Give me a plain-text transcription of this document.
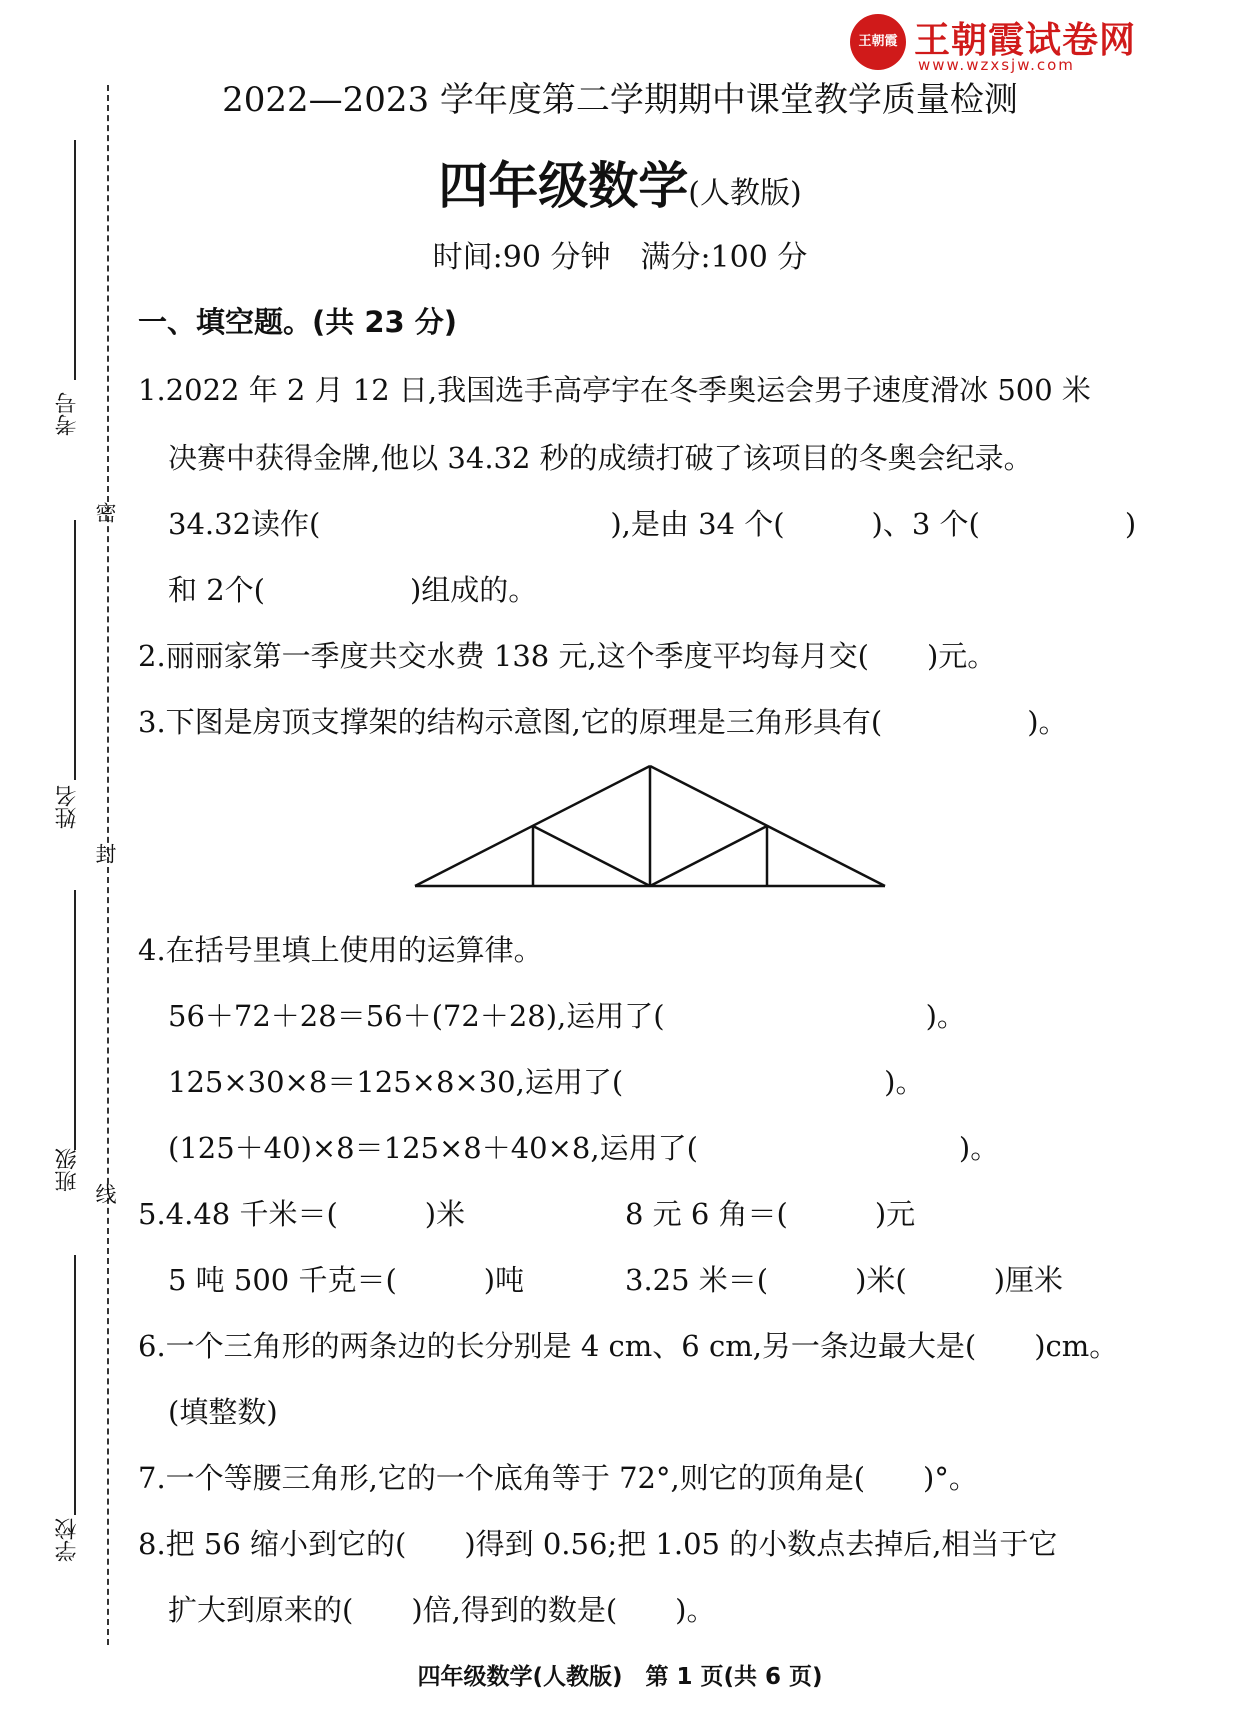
王朝霞 王朝霞试卷网
www.wzxsjw.com
考号
姓名
班级
学校
密
封
线
2022—2023 学年度第二学期期中课堂教学质量检测
四年级数学(人教版)
时间:90 分钟　满分:100 分
一、填空题。(共 23 分)
1.2022 年 2 月 12 日,我国选手高亭宇在冬季奥运会男子速度滑冰 500 米
决赛中获得金牌,他以 34.32 秒的成绩打破了该项目的冬奥会纪录。
34.32读作(　　　　　　　　　　),是由 34 个(　　　)、3 个(　　　　　)
和 2个(　　　　　)组成的。
2.丽丽家第一季度共交水费 138 元,这个季度平均每月交(　　)元。
3.下图是房顶支撑架的结构示意图,它的原理是三角形具有(　　　　　)。
4.在括号里填上使用的运算律。
56＋72＋28＝56＋(72＋28),运用了(　　　　　　　　　)。
125×30×8＝125×8×30,运用了(　　　　　　　　　)。
(125＋40)×8＝125×8＋40×8,运用了(　　　　　　　　　)。
5.4.48 千米＝(　　　)米	8 元 6 角＝(　　　)元
5 吨 500 千克＝(　　　)吨	3.25 米＝(　　　)米(　　　)厘米
6.一个三角形的两条边的长分别是 4 cm、6 cm,另一条边最大是(　　)cm。
(填整数)
7.一个等腰三角形,它的一个底角等于 72°,则它的顶角是(　　)°。
8.把 56 缩小到它的(　　)得到 0.56;把 1.05 的小数点去掉后,相当于它
扩大到原来的(　　)倍,得到的数是(　　)。
四年级数学(人教版)　第 1 页(共 6 页)
